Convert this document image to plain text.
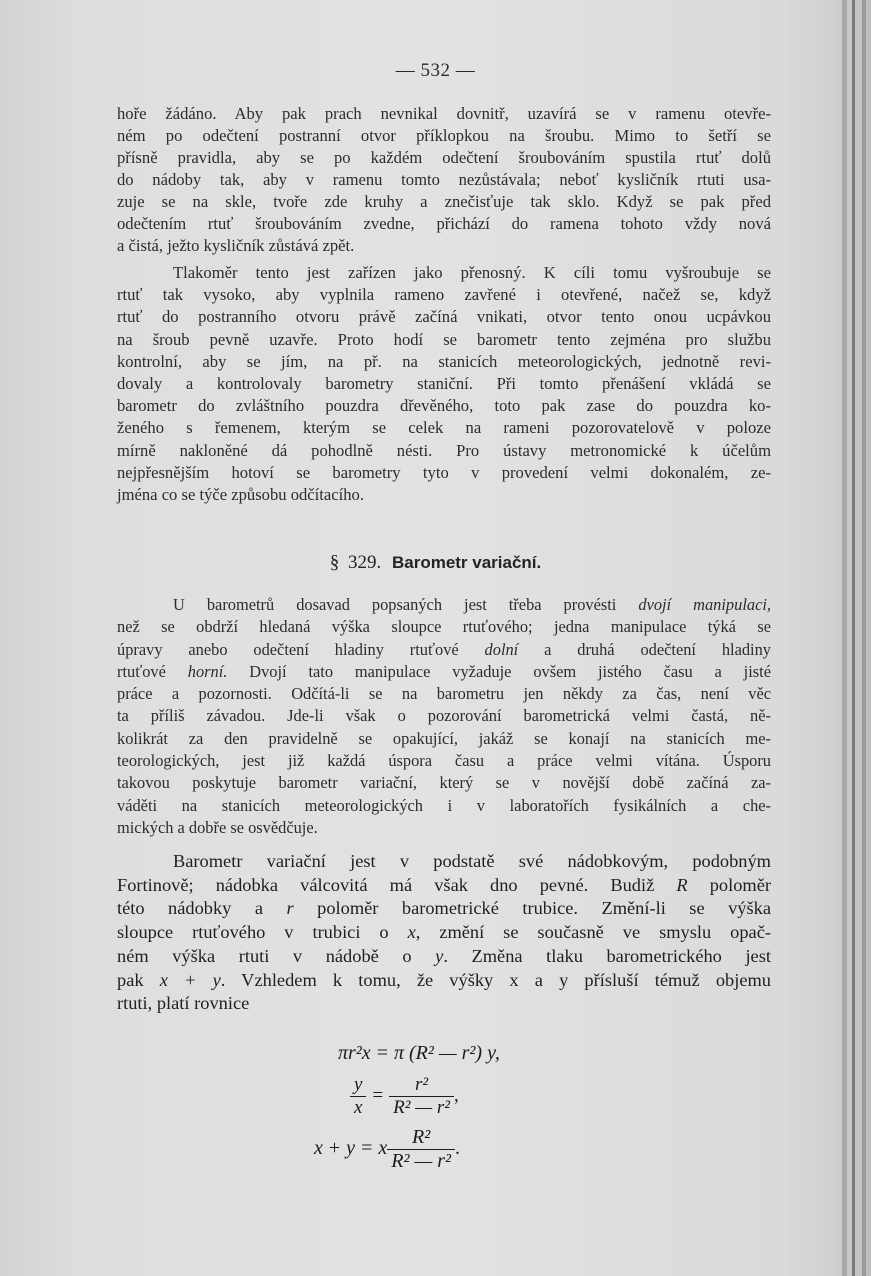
— 532 —
hoře žádáno. Aby pak prach nevnikal dovnitř, uzavírá se v ramenu otevře-
ném po odečtení postranní otvor příklopkou na šroubu. Mimo to šetří se
přísně pravidla, aby se po každém odečtení šroubováním spustila rtuť dolů
do nádoby tak, aby v ramenu tomto nezůstávala; neboť kysličník rtuti usa-
zuje se na skle, tvoře zde kruhy a znečisťuje tak sklo. Když se pak před
odečtením rtuť šroubováním zvedne, přichází do ramena tohoto vždy nová
a čistá, ježto kysličník zůstává zpět.
Tlakoměr tento jest zařízen jako přenosný. K cíli tomu vyšroubuje se
rtuť tak vysoko, aby vyplnila rameno zavřené i otevřené, načež se, když
rtuť do postranního otvoru právě začíná vnikati, otvor tento onou ucpávkou
na šroub pevně uzavře. Proto hodí se barometr tento zejména pro službu
kontrolní, aby se jím, na př. na stanicích meteorologických, jednotně revi-
dovaly a kontrolovaly barometry staniční. Při tomto přenášení vkládá se
barometr do zvláštního pouzdra dřevěného, toto pak zase do pouzdra ko-
ženého s řemenem, kterým se celek na rameni pozorovatelově v poloze
mírně nakloněné dá pohodlně nésti. Pro ústavy metronomické k účelům
nejpřesnějším hotoví se barometry tyto v provedení velmi dokonalém, ze-
jména co se týče způsobu odčítacího.
§ 329. Barometr variační.
U barometrů dosavad popsaných jest třeba provésti dvojí manipulaci,
než se obdrží hledaná výška sloupce rtuťového; jedna manipulace týká se
úpravy anebo odečtení hladiny rtuťové dolní a druhá odečtení hladiny
rtuťové horní. Dvojí tato manipulace vyžaduje ovšem jistého času a jisté
práce a pozornosti. Odčítá-li se na barometru jen někdy za čas, není věc
ta příliš závadou. Jde-li však o pozorování barometrická velmi častá, ně-
kolikrát za den pravidelně se opakující, jakáž se konají na stanicích me-
teorologických, jest již každá úspora času a práce velmi vítána. Úsporu
takovou poskytuje barometr variační, který se v novější době začíná za-
váděti na stanicích meteorologických i v laboratořích fysikálních a che-
mických a dobře se osvědčuje.
Barometr variační jest v podstatě své nádobkovým, podobným
Fortinově; nádobka válcovitá má však dno pevné. Budiž R poloměr
této nádobky a r poloměr barometrické trubice. Změní-li se výška
sloupce rtuťového v trubici o x, změní se současně ve smyslu opač-
ném výška rtuti v nádobě o y. Změna tlaku barometrického jest
pak x + y. Vzhledem k tomu, že výšky x a y přísluší témuž objemu
rtuti, platí rovnice
πr²x = π (R² — r²) y,
$\frac{y}{x} = \frac{\text{r²}}{\text{R² — r²}}$ ,
x + y = x $\frac{\text{R²}}{\text{R² — r²}}$ .
